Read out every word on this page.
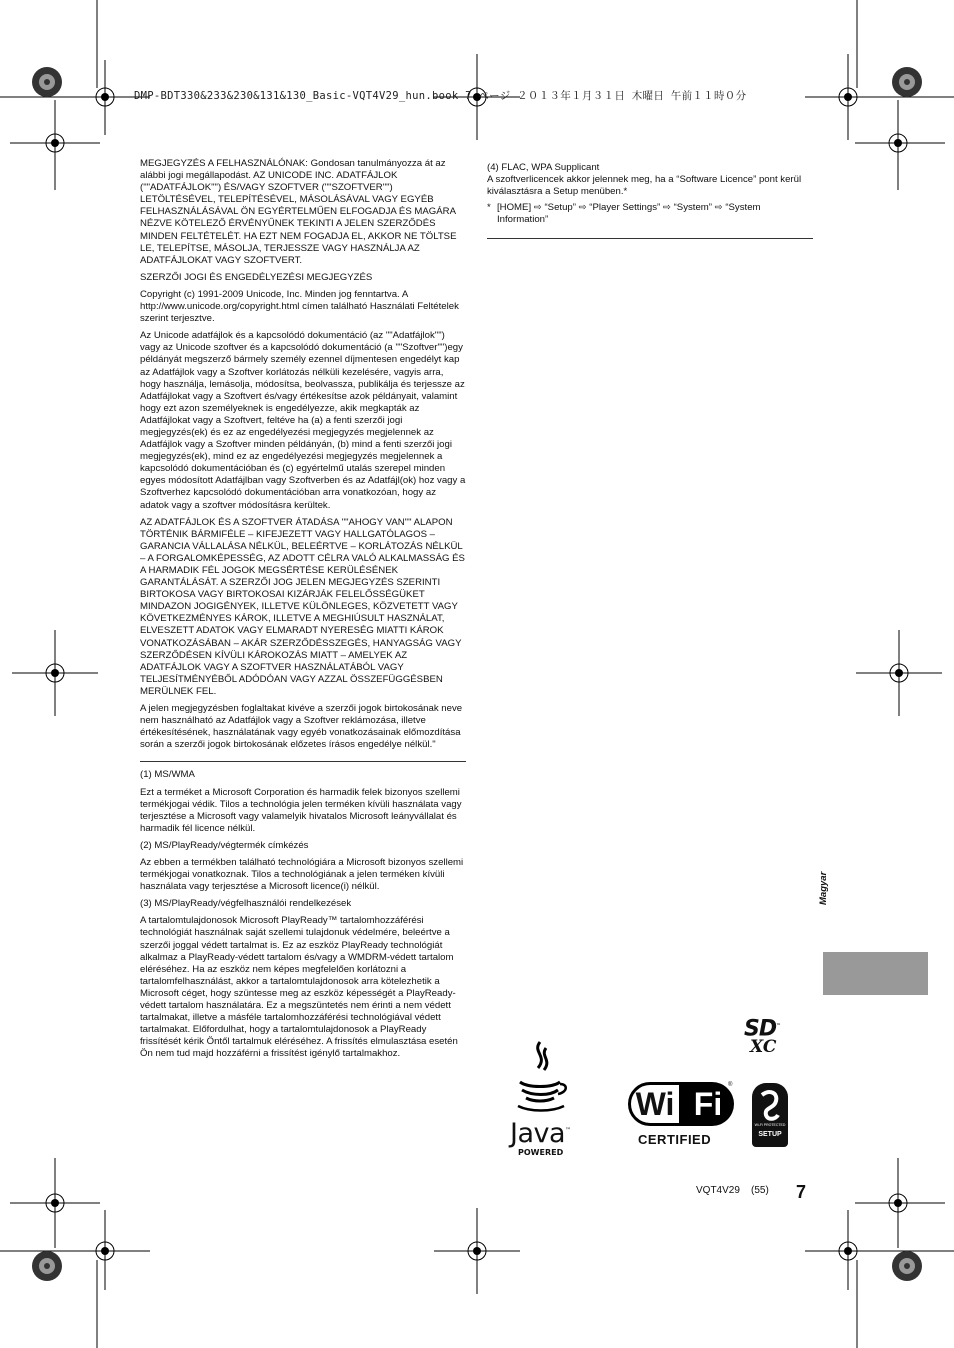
DMP-BDT330&233&230&131&130_Basic-VQT4V29_hun.book 7 ページ ２０１３年１月３１日 木曜日 午前１１時０分

MEGJEGYZÉS A FELHASZNÁLÓNAK: Gondosan tanulmányozza át az alábbi jogi megállapodást. AZ UNICODE INC. ADATFÁJLOK (""ADATFÁJLOK"") ÉS/VAGY SZOFTVER (""SZOFTVER"") LETÖLTÉSÉVEL, TELEPÍTÉSÉVEL, MÁSOLÁSÁVAL VAGY EGYÉB FELHASZNÁLÁSÁVAL ÖN EGYÉRTELMŰEN ELFOGADJA ÉS MAGÁRA NÉZVE KÖTELEZŐ ÉRVÉNYŰNEK TEKINTI A JELEN SZERZŐDÉS MINDEN FELTÉTELÉT. HA EZT NEM FOGADJA EL, AKKOR NE TÖLTSE LE, TELEPÍTSE, MÁSOLJA, TERJESSZE VAGY HASZNÁLJA AZ ADATFÁJLOKAT VAGY SZOFTVERT.

SZERZŐI JOGI ÉS ENGEDÉLYEZÉSI MEGJEGYZÉS

Copyright (c) 1991-2009 Unicode, Inc. Minden jog fenntartva. A http://www.unicode.org/copyright.html címen található Használati Feltételek szerint terjesztve.

Az Unicode adatfájlok és a kapcsolódó dokumentáció (az ""Adatfájlok"") vagy az Unicode szoftver és a kapcsolódó dokumentáció (a ""Szoftver"")egy példányát megszerző bármely személy ezennel díjmentesen engedélyt kap az Adatfájlok vagy a Szoftver korlátozás nélküli kezelésére, vagyis arra, hogy használja, lemásolja, módosítsa, beolvassza, publikálja és terjessze az Adatfájlokat vagy a Szoftvert és/vagy értékesítse azok példányait, valamint hogy ezt azon személyeknek is engedélyezze, akik megkapták az Adatfájlokat vagy a Szoftvert, feltéve ha (a) a fenti szerzői jogi megjegyzés(ek) és ez az engedélyezési megjegyzés megjelennek az Adatfájlok vagy a Szoftver minden példányán, (b) mind a fenti szerzői jogi megjegyzés(ek), mind ez az engedélyezési megjegyzés megjelennek a kapcsolódó dokumentációban és (c) egyértelmű utalás szerepel minden egyes módosított Adatfájlban vagy Szoftverben és az Adatfájl(ok) hoz vagy a Szoftverhez kapcsolódó dokumentációban arra vonatkozóan, hogy az adatok vagy a szoftver módosításra kerültek.

AZ ADATFÁJLOK ÉS A SZOFTVER ÁTADÁSA ""AHOGY VAN"" ALAPON TÖRTÉNIK BÁRMIFÉLE – KIFEJEZETT VAGY HALLGATÓLAGOS – GARANCIA VÁLLALÁSA NÉLKÜL, BELEÉRTVE – KORLÁTOZÁS NÉLKÜL – A FORGALOMKÉPESSÉG, AZ ADOTT CÉLRA VALÓ ALKALMASSÁG ÉS A HARMADIK FÉL JOGOK MEGSÉRTÉSE KERÜLÉSÉNEK GARANTÁLÁSÁT. A SZERZŐI JOG JELEN MEGJEGYZÉS SZERINTI BIRTOKOSA VAGY BIRTOKOSAI KIZÁRJÁK FELELŐSSÉGÜKET MINDAZON JOGIGÉNYEK, ILLETVE KÜLÖNLEGES, KÖZVETETT VAGY KÖVETKEZMÉNYES KÁROK, ILLETVE A MEGHIÚSULT HASZNÁLAT, ELVESZETT ADATOK VAGY ELMARADT NYERESÉG MIATTI KÁROK VONATKOZÁSÁBAN – AKÁR SZERZŐDÉSSZEGÉS, HANYAGSÁG VAGY SZERZŐDÉSEN KÍVÜLI KÁROKOZÁS MIATT – AMELYEK AZ ADATFÁJLOK VAGY A SZOFTVER HASZNÁLATÁBÓL VAGY TELJESÍTMÉNYÉBŐL ADÓDÓAN VAGY AZZAL ÖSSZEFÜGGÉSBEN MERÜLNEK FEL.

A jelen megjegyzésben foglaltakat kivéve a szerzői jogok birtokosának neve nem használható az Adatfájlok vagy a Szoftver reklámozása, illetve értékesítésének, használatának vagy egyéb vonatkozásainak előmozdítása során a szerzői jogok birtokosának előzetes írásos engedélye nélkül."

(1) MS/WMA

Ezt a terméket a Microsoft Corporation és harmadik felek bizonyos szellemi termékjogai védik. Tilos a technológia jelen terméken kívüli használata vagy terjesztése a Microsoft vagy valamelyik hivatalos Microsoft leányvállalat és harmadik fél licence nélkül.

(2) MS/PlayReady/végtermék címkézés

Az ebben a termékben található technológiára a Microsoft bizonyos szellemi termékjogai vonatkoznak. Tilos a technológiának a jelen terméken kívüli használata vagy terjesztése a Microsoft licence(i) nélkül.

(3) MS/PlayReady/végfelhasználói rendelkezések

A tartalomtulajdonosok Microsoft PlayReady™ tartalomhozzáférési technológiát használnak saját szellemi tulajdonuk védelmére, beleértve a szerzői joggal védett tartalmat is. Ez az eszköz PlayReady technológiát alkalmaz a PlayReady-védett tartalom és/vagy a WMDRM-védett tartalom eléréséhez. Ha az eszköz nem képes megfelelően korlátozni a tartalomfelhasználást, akkor a tartalomtulajdonosok arra kötelezhetik a Microsoft céget, hogy szüntesse meg az eszköz képességét a PlayReady-védett tartalom használatára. Ez a megszüntetés nem érinti a nem védett tartalmakat, illetve a másféle tartalomhozzáférési technológiával védett tartalmakat. Előfordulhat, hogy a tartalomtulajdonosok a PlayReady frissítését kérik Öntől tartalmuk eléréséhez. A frissítés elmulasztása esetén Ön nem tud majd hozzáférni a frissítést igénylő tartalmakhoz.

(4) FLAC, WPA Supplicant

A szoftverlicencek akkor jelennek meg, ha a “Software Licence” pont kerül kiválasztásra a Setup menüben.*

* [HOME] ⇨ “Setup” ⇨ “Player Settings” ⇨ “System” ⇨ “System Information”
Magyar
SD™
XC
Java™
POWERED
Wi Fi
®
CERTIFIED
Wi-Fi PROTECTED
SETUP
VQT4V29    (55) 7
